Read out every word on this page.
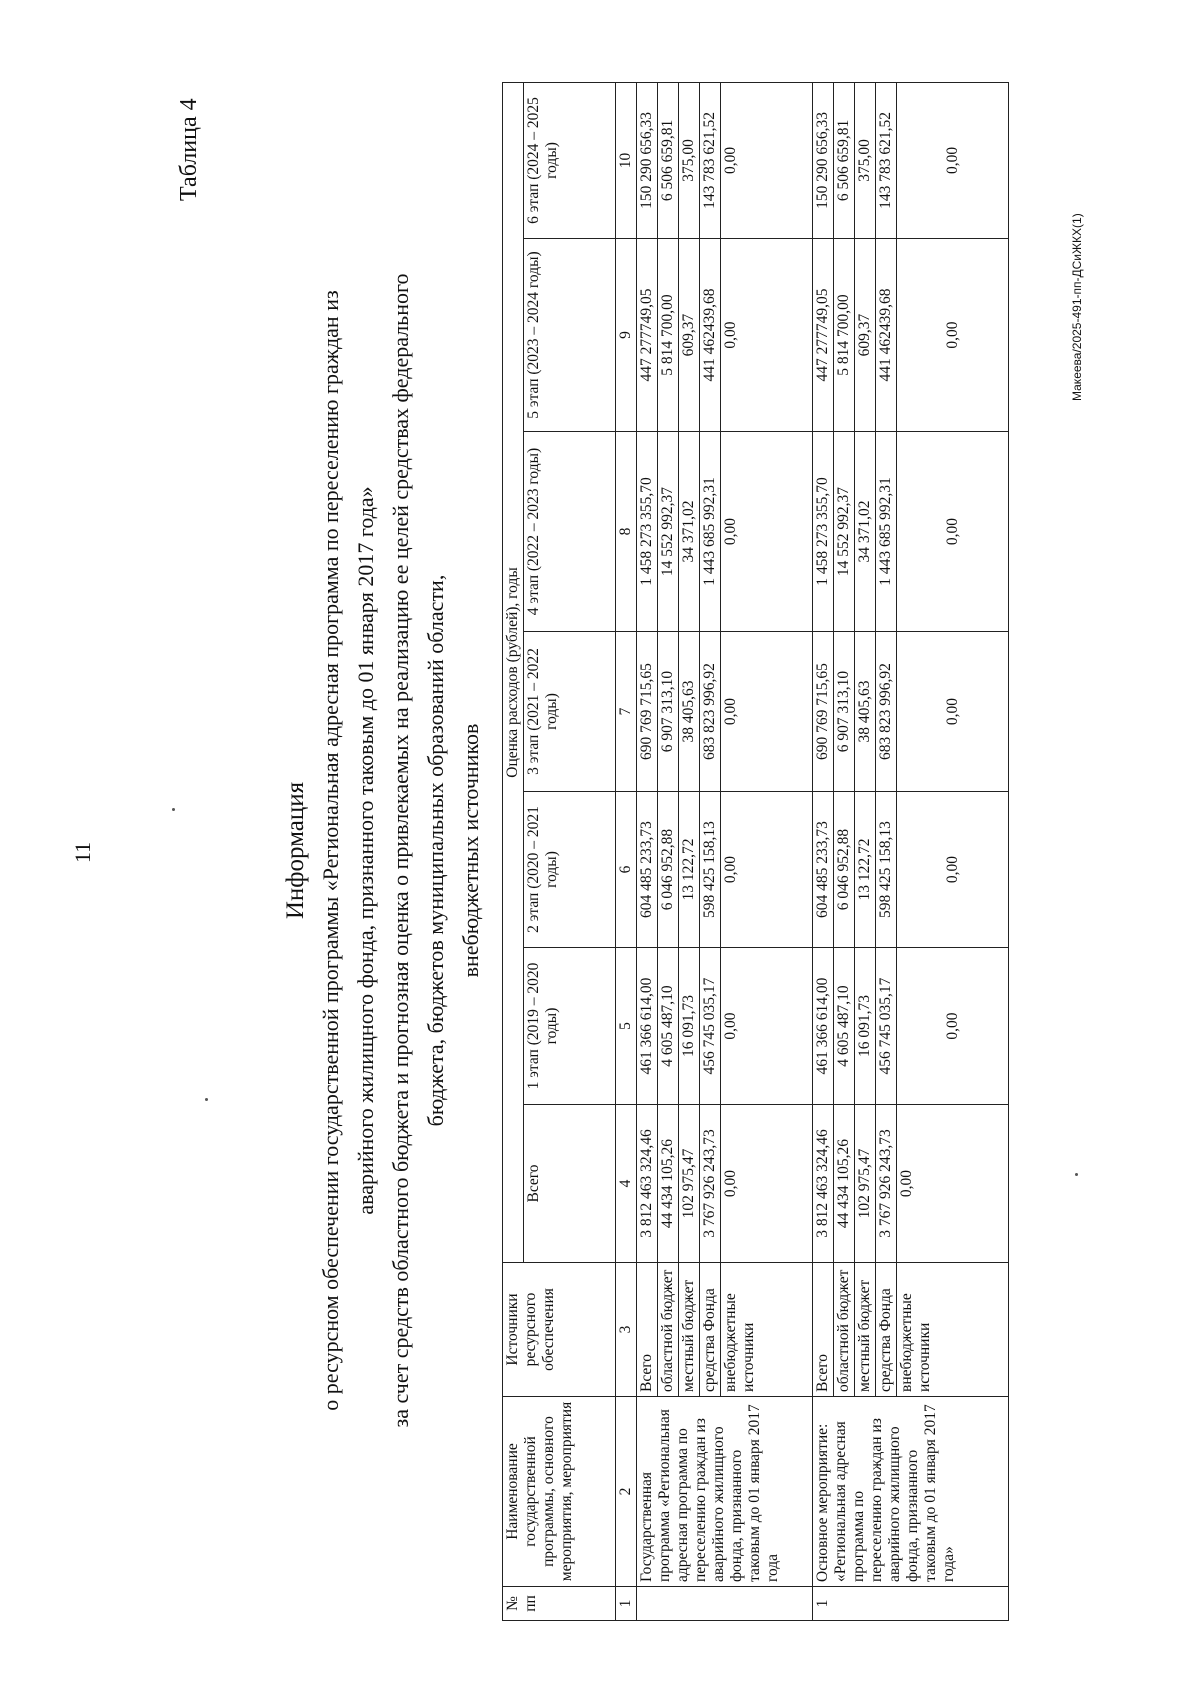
11
Таблица 4
Информация о ресурсном обеспечении государственной программы «Региональная адресная программа по переселению граждан из аварийного жилищного фонда, признанного таковым до 01 января 2017 года» за счет средств областного бюджета и прогнозная оценка о привлекаемых на реализацию ее целей средствах федерального бюджета, бюджетов муниципальных образований области, внебюджетных источников
№ пп	Наименование государственной программы, основного мероприятия, мероприятия	Источники ресурсного обеспечения	Оценка расходов (рублей), годы						
			Всего	1 этап (2019 – 2020 годы)	2 этап (2020 – 2021 годы)	3 этап (2021 – 2022 годы)	4 этап (2022 – 2023 годы)	5 этап (2023 – 2024 годы)	6 этап (2024 – 2025 годы)
1	2	3	4	5	6	7	8	9	10
	Государственная программа «Региональная адресная программа по переселению граждан из аварийного жилищного фонда, признанного таковым до 01 января 2017 года	Всего	3 812 463 324,46	461 366 614,00	604 485 233,73	690 769 715,65	1 458 273 355,70	447 277749,05	150 290 656,33
		областной бюджет	44 434 105,26	4 605 487,10	6 046 952,88	6 907 313,10	14 552 992,37	5 814 700,00	6 506 659,81
		местный бюджет	102 975,47	16 091,73	13 122,72	38 405,63	34 371,02	609,37	375,00
		средства Фонда	3 767 926 243,73	456 745 035,17	598 425 158,13	683 823 996,92	1 443 685 992,31	441 462439,68	143 783 621,52
		внебюджетные источники	0,00	0,00	0,00	0,00	0,00	0,00	0,00
1	Основное мероприятие: «Региональная адресная программа по переселению граждан из аварийного жилищного фонда, признанного таковым до 01 января 2017 года»	Всего	3 812 463 324,46	461 366 614,00	604 485 233,73	690 769 715,65	1 458 273 355,70	447 277749,05	150 290 656,33
		областной бюджет	44 434 105,26	4 605 487,10	6 046 952,88	6 907 313,10	14 552 992,37	5 814 700,00	6 506 659,81
		местный бюджет	102 975,47	16 091,73	13 122,72	38 405,63	34 371,02	609,37	375,00
		средства Фонда	3 767 926 243,73	456 745 035,17	598 425 158,13	683 823 996,92	1 443 685 992,31	441 462439,68	143 783 621,52
		внебюджетные источники	0,00	0,00	0,00	0,00	0,00	0,00	0,00
Макеева/2025-491-пп-ДСиЖКХ(1)
